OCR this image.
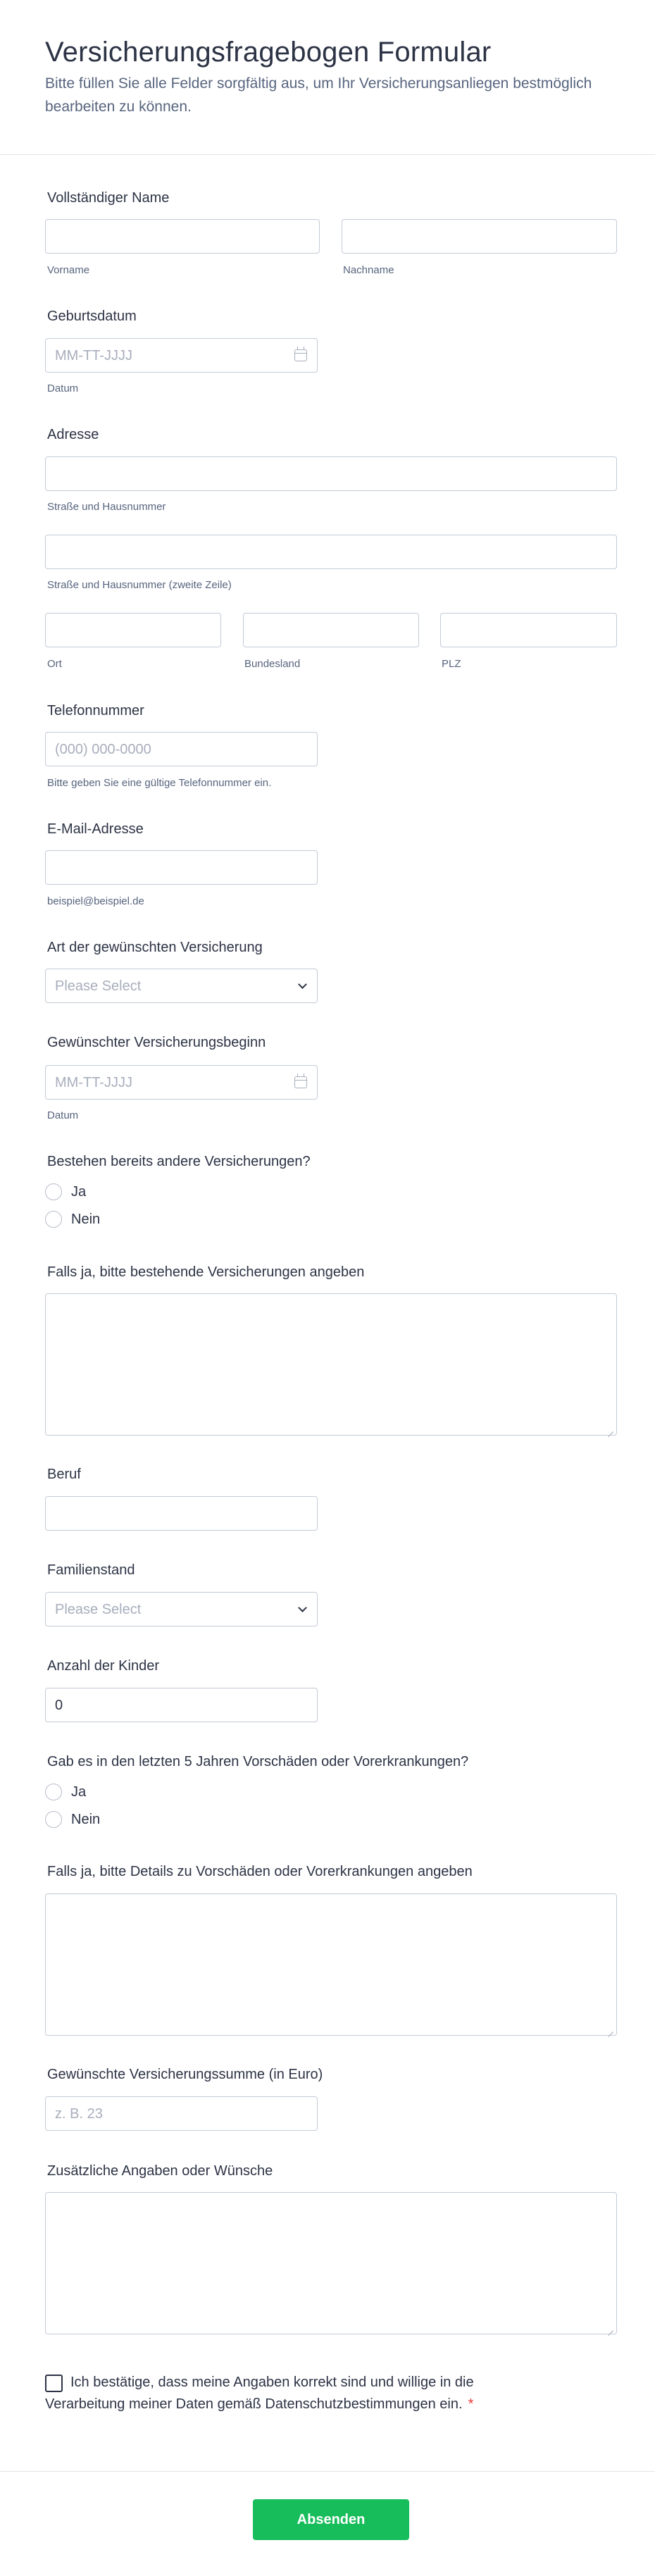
Versicherungsfragebogen Formular
Bitte füllen Sie alle Felder sorgfältig aus, um Ihr Versicherungsanliegen bestmöglich bearbeiten zu können.
Vollständiger Name
Vorname	Nachname
Geburtsdatum
MM-TT-JJJJ
Datum
Adresse
Straße und Hausnummer
Straße und Hausnummer (zweite Zeile)
Ort	Bundesland	PLZ
Telefonnummer
(000) 000-0000
Bitte geben Sie eine gültige Telefonnummer ein.
E-Mail-Adresse
beispiel@beispiel.de
Art der gewünschten Versicherung
Please Select
Gewünschter Versicherungsbeginn
MM-TT-JJJJ
Datum
Bestehen bereits andere Versicherungen?
Ja
Nein
Falls ja, bitte bestehende Versicherungen angeben
Beruf
Familienstand
Please Select
Anzahl der Kinder
0
Gab es in den letzten 5 Jahren Vorschäden oder Vorerkrankungen?
Ja
Nein
Falls ja, bitte Details zu Vorschäden oder Vorerkrankungen angeben
Gewünschte Versicherungssumme (in Euro)
z. B. 23
Zusätzliche Angaben oder Wünsche
Ich bestätige, dass meine Angaben korrekt sind und willige in die Verarbeitung meiner Daten gemäß Datenschutzbestimmungen ein. *
Absenden
